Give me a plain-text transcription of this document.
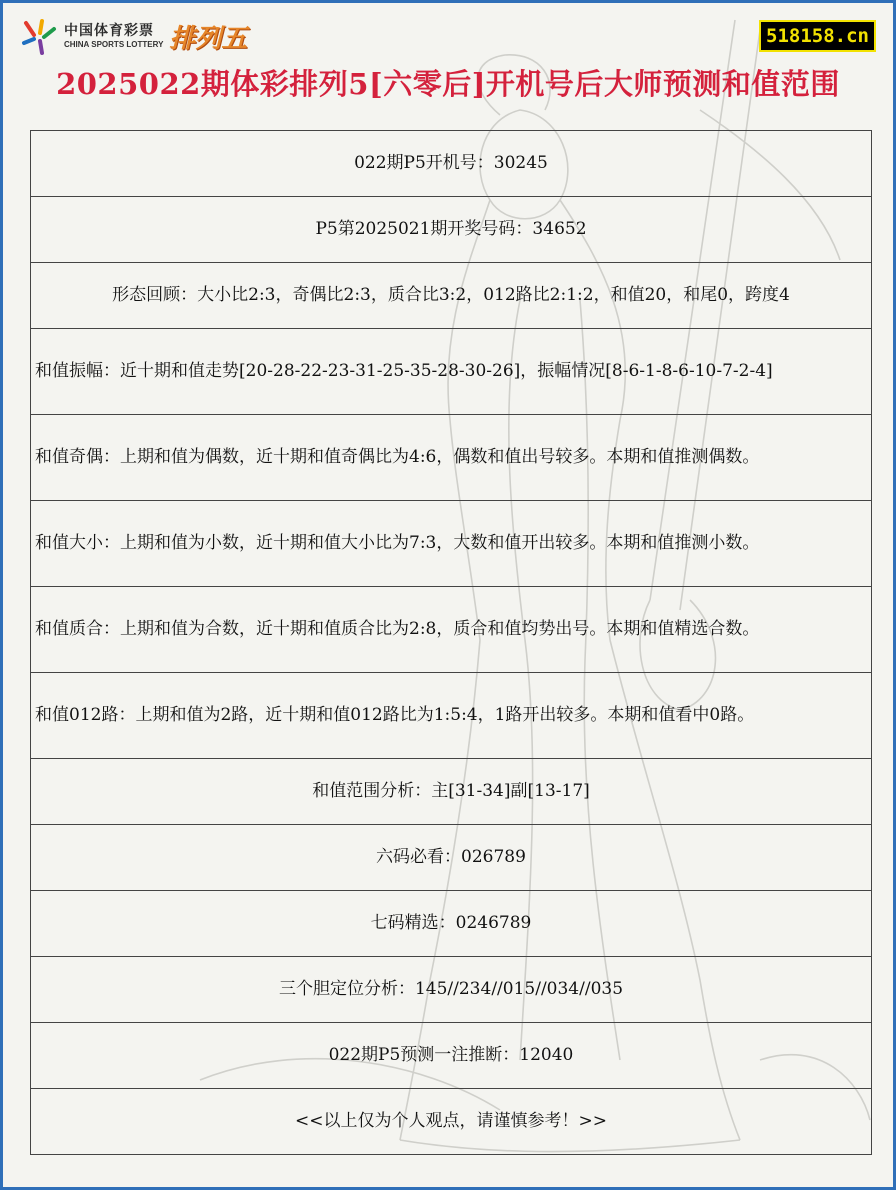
中国体育彩票
CHINA SPORTS LOTTERY 排列五	518158.cn
2025022期体彩排列5[六零后]开机号后大师预测和值范围
022期P5开机号：30245
P5第2025021期开奖号码：34652
形态回顾：大小比2:3，奇偶比2:3，质合比3:2，012路比2:1:2，和值20，和尾0，跨度4
和值振幅：近十期和值走势[20-28-22-23-31-25-35-28-30-26]，振幅情况[8-6-1-8-6-10-7-2-4]
和值奇偶：上期和值为偶数，近十期和值奇偶比为4:6，偶数和值出号较多。本期和值推测偶数。
和值大小：上期和值为小数，近十期和值大小比为7:3，大数和值开出较多。本期和值推测小数。
和值质合：上期和值为合数，近十期和值质合比为2:8，质合和值均势出号。本期和值精选合数。
和值012路：上期和值为2路，近十期和值012路比为1:5:4，1路开出较多。本期和值看中0路。
和值范围分析：主[31-34]副[13-17]
六码必看：026789
七码精选：0246789
三个胆定位分析：145//234//015//034//035
022期P5预测一注推断：12040
<<以上仅为个人观点，请谨慎参考！>>
